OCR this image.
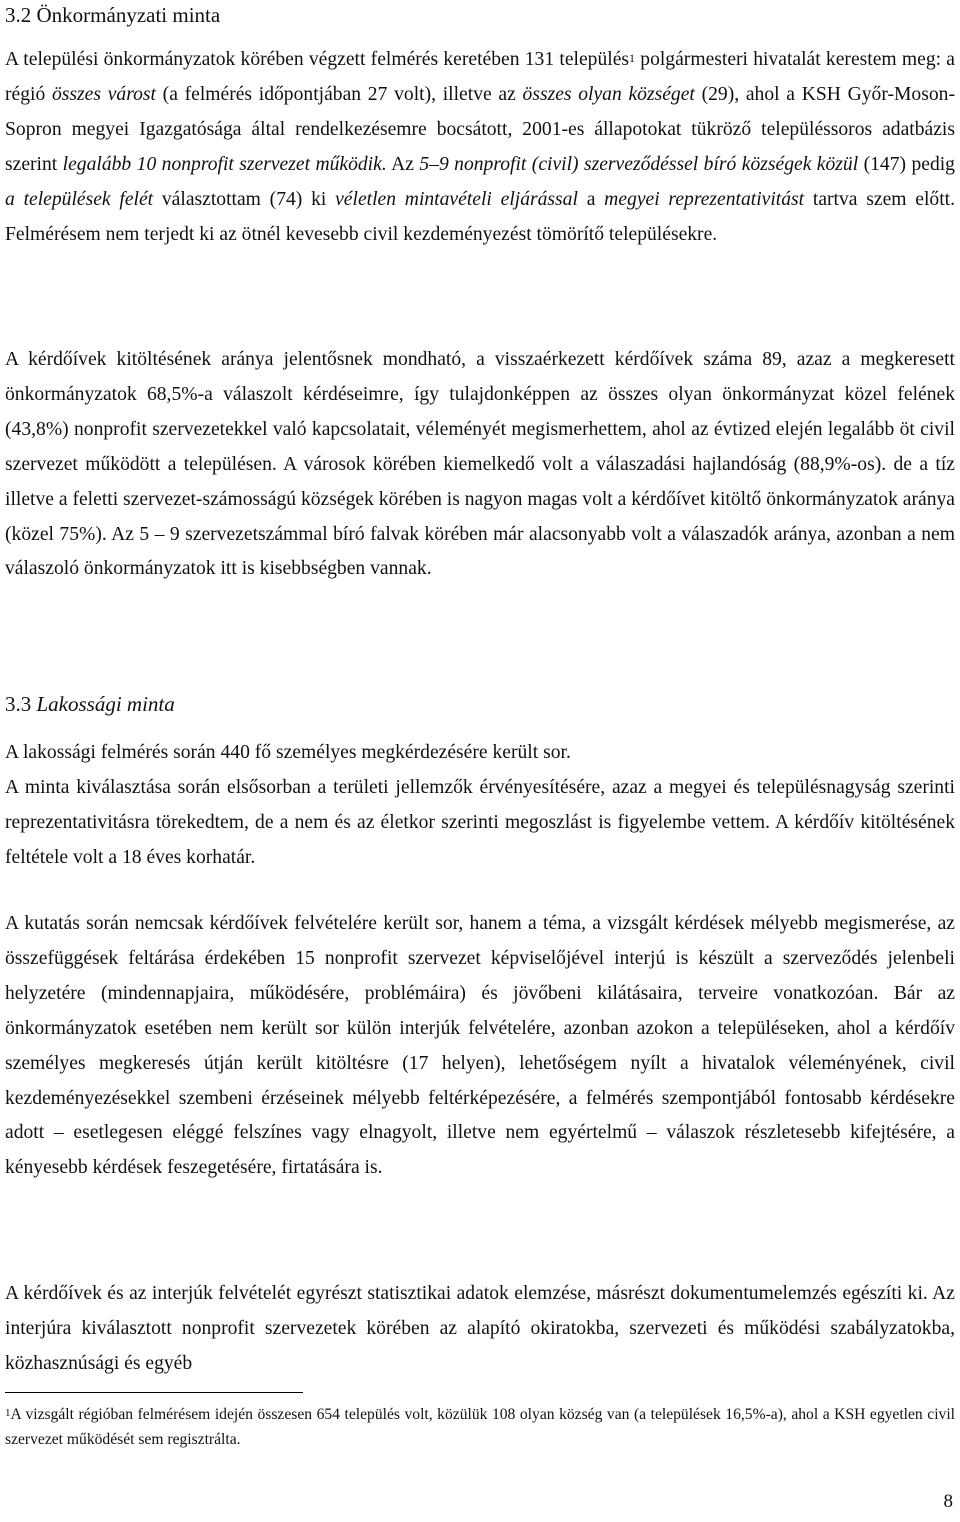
3.2 Önkormányzati minta

A települési önkormányzatok körében végzett felmérés keretében 131 település$^1$ polgármesteri hivatalát kerestem meg: a régió összes várost (a felmérés időpontjában 27 volt), illetve az összes olyan községet (29), ahol a KSH Győr-Moson-Sopron megyei Igazgatósága által rendelkezésemre bocsátott, 2001-es állapotokat tükröző településsoros adatbázis szerint legalább 10 nonprofit szervezet működik. Az 5–9 nonprofit (civil) szerveződéssel bíró községek közül (147) pedig a települések felét választottam (74) ki véletlen mintavételi eljárással a megyei reprezentativitást tartva szem előtt. Felmérésem nem terjedt ki az ötnél kevesebb civil kezdeményezést tömörítő településekre.

A kérdőívek kitöltésének aránya jelentősnek mondható, a visszaérkezett kérdőívek száma 89, azaz a megkeresett önkormányzatok 68,5%-a válaszolt kérdéseimre, így tulajdonképpen az összes olyan önkormányzat közel felének (43,8%) nonprofit szervezetekkel való kapcsolatait, véleményét megismerhettem, ahol az évtized elején legalább öt civil szervezet működött a településen. A városok körében kiemelkedő volt a válaszadási hajlandóság (88,9%-os). de a tíz illetve a feletti szervezet-számosságú községek körében is nagyon magas volt a kérdőívet kitöltő önkormányzatok aránya (közel 75%). Az 5 – 9 szervezetszámmal bíró falvak körében már alacsonyabb volt a válaszadók aránya, azonban a nem válaszoló önkormányzatok itt is kisebbségben vannak.

3.3 Lakossági minta

A lakossági felmérés során 440 fő személyes megkérdezésére került sor.

A minta kiválasztása során elsősorban a területi jellemzők érvényesítésére, azaz a megyei és településnagyság szerinti reprezentativitásra törekedtem, de a nem és az életkor szerinti megoszlást is figyelembe vettem. A kérdőív kitöltésének feltétele volt a 18 éves korhatár.

A kutatás során nemcsak kérdőívek felvételére került sor, hanem a téma, a vizsgált kérdések mélyebb megismerése, az összefüggések feltárása érdekében 15 nonprofit szervezet képviselőjével interjú is készült a szerveződés jelenbeli helyzetére (mindennapjaira, működésére, problémáira) és jövőbeni kilátásaira, terveire vonatkozóan. Bár az önkormányzatok esetében nem került sor külön interjúk felvételére, azonban azokon a településeken, ahol a kérdőív személyes megkeresés útján került kitöltésre (17 helyen), lehetőségem nyílt a hivatalok véleményének, civil kezdeményezésekkel szembeni érzéseinek mélyebb feltérképezésére, a felmérés szempontjából fontosabb kérdésekre adott – esetlegesen eléggé felszínes vagy elnagyolt, illetve nem egyértelmű – válaszok részletesebb kifejtésére, a kényesebb kérdések feszegetésére, firtatására is.

A kérdőívek és az interjúk felvételét egyrészt statisztikai adatok elemzése, másrészt dokumentumelemzés egészíti ki. Az interjúra kiválasztott nonprofit szervezetek körében az alapító okiratokba, szervezeti és működési szabályzatokba, közhasznúsági és egyéb

$^1$A vizsgált régióban felmérésem idején összesen 654 település volt, közülük 108 olyan község van (a települések 16,5%-a), ahol a KSH egyetlen civil szervezet működését sem regisztrálta.
8
